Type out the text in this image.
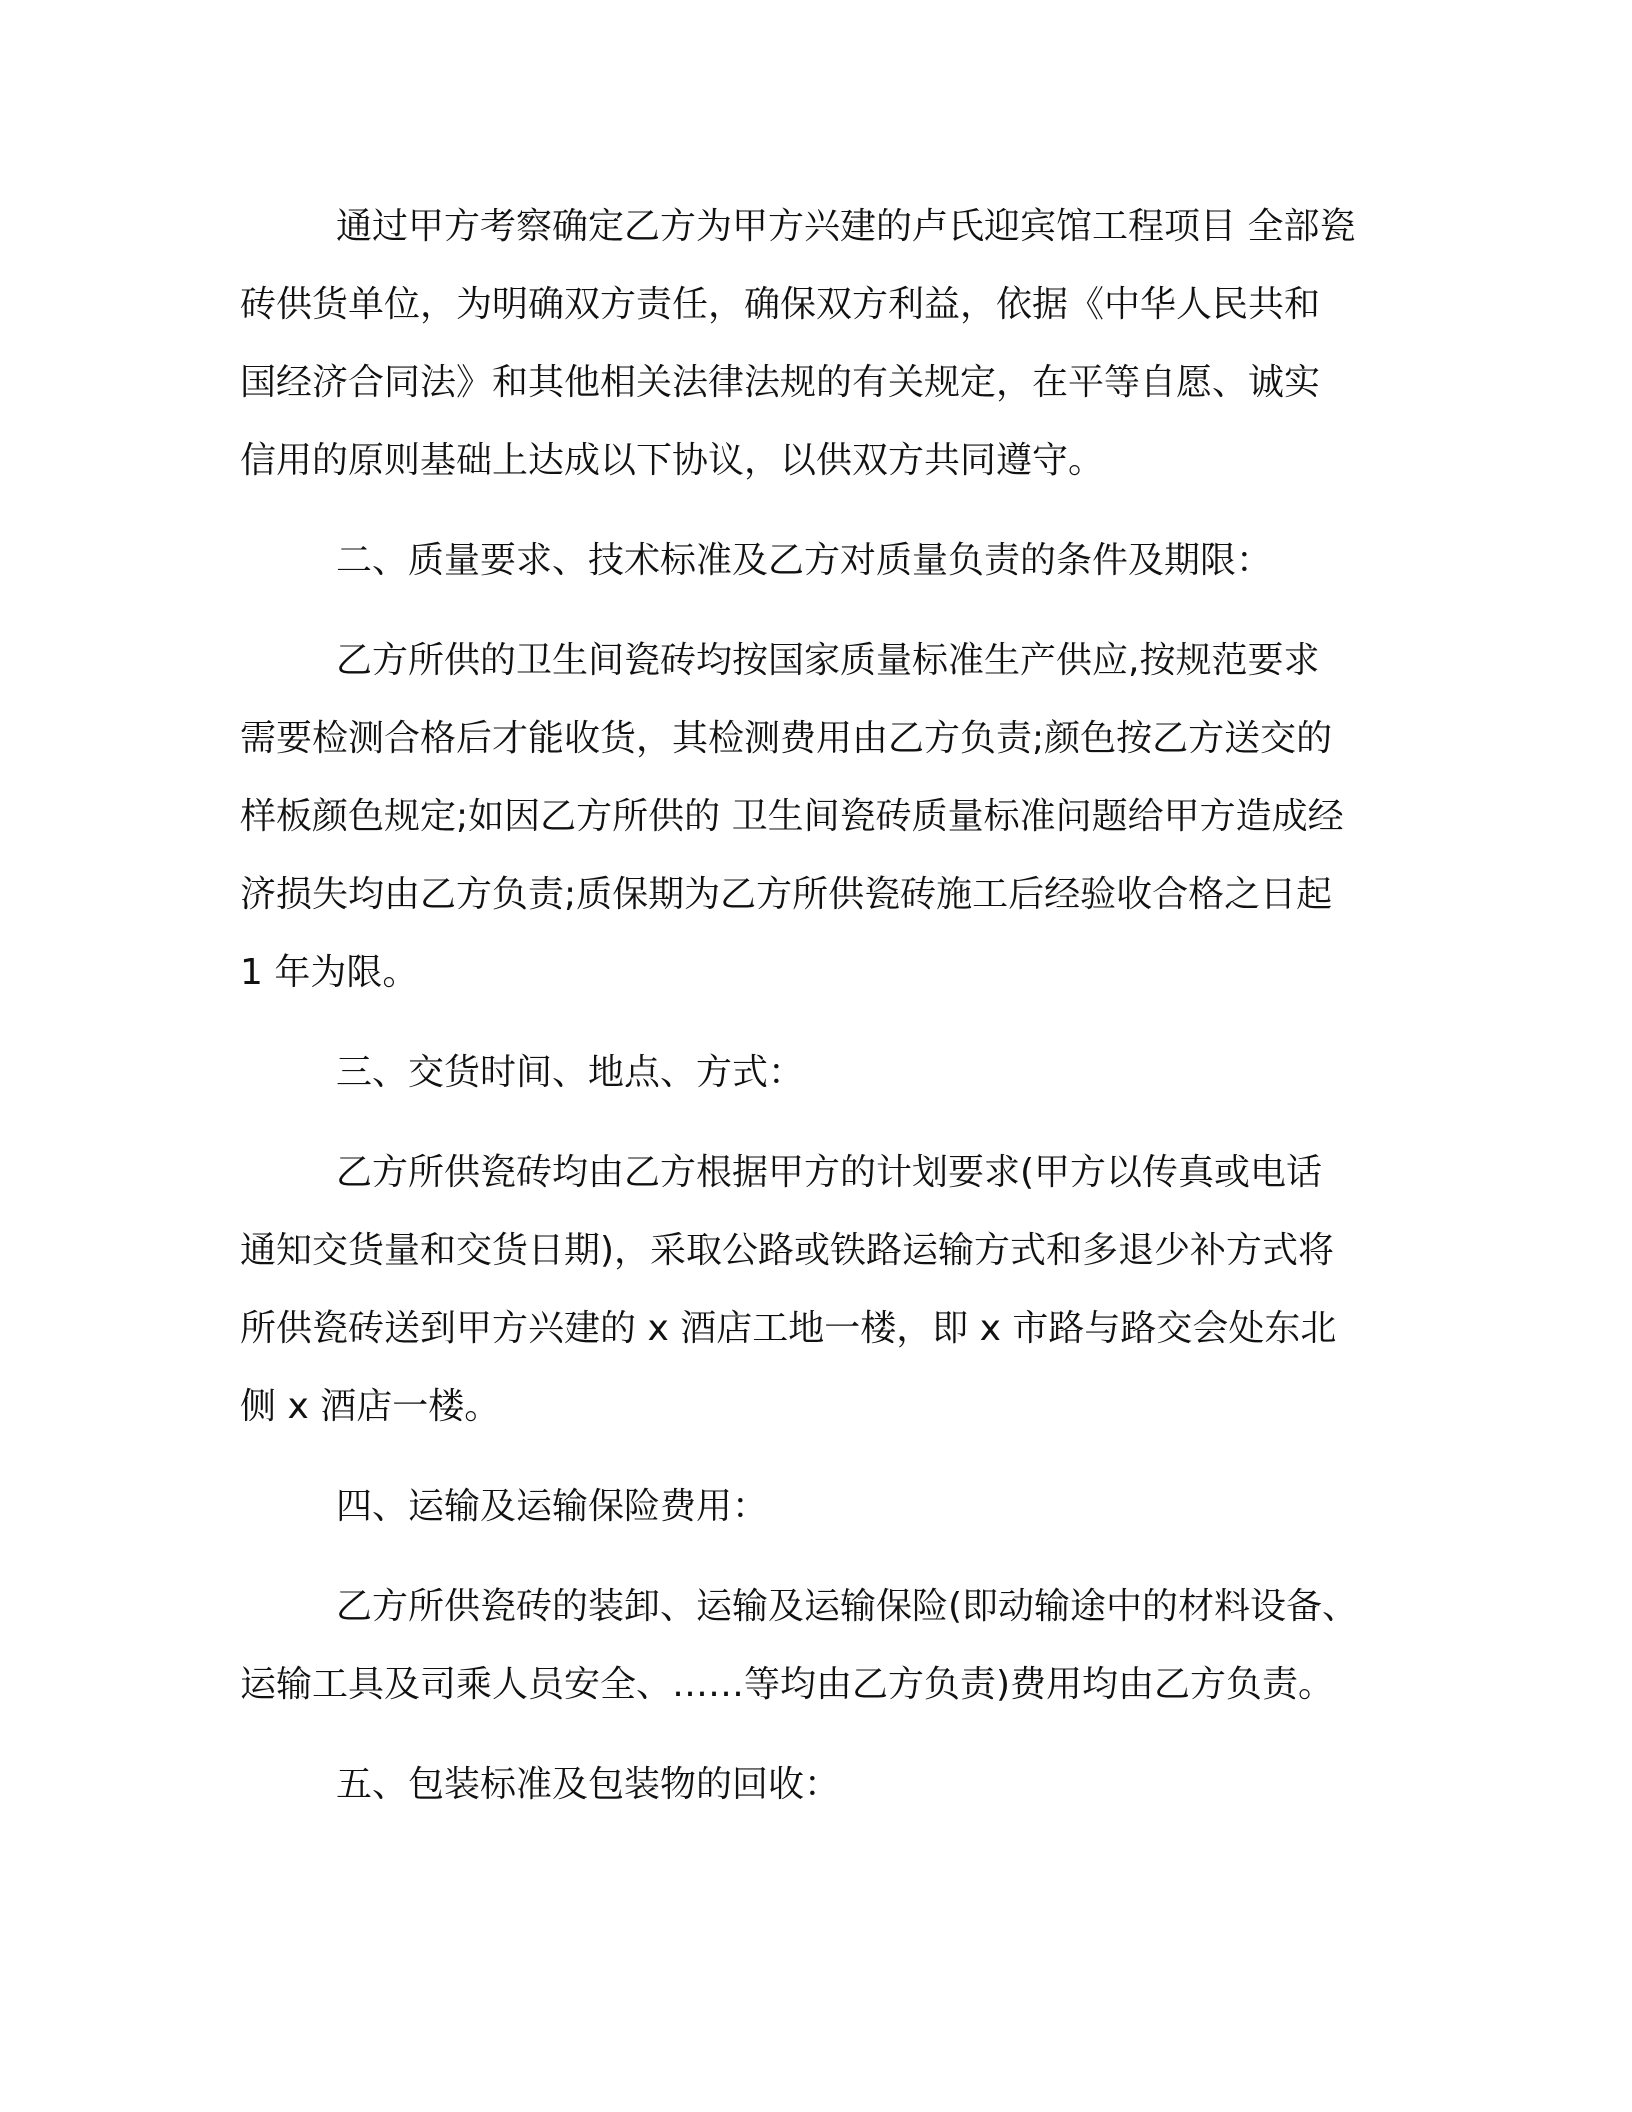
通过甲方考察确定乙方为甲方兴建的卢氏迎宾馆工程项目 全部瓷
砖供货单位，为明确双方责任，确保双方利益，依据《中华人民共和
国经济合同法》和其他相关法律法规的有关规定，在平等自愿、诚实
信用的原则基础上达成以下协议，以供双方共同遵守。

二、质量要求、技术标准及乙方对质量负责的条件及期限：

乙方所供的卫生间瓷砖均按国家质量标准生产供应,按规范要求
需要检测合格后才能收货，其检测费用由乙方负责;颜色按乙方送交的
样板颜色规定;如因乙方所供的 卫生间瓷砖质量标准问题给甲方造成经
济损失均由乙方负责;质保期为乙方所供瓷砖施工后经验收合格之日起
1 年为限。

三、交货时间、地点、方式：

乙方所供瓷砖均由乙方根据甲方的计划要求(甲方以传真或电话
通知交货量和交货日期)，采取公路或铁路运输方式和多退少补方式将
所供瓷砖送到甲方兴建的 x 酒店工地一楼，即 x 市路与路交会处东北
侧 x 酒店一楼。

四、运输及运输保险费用：

乙方所供瓷砖的装卸、运输及运输保险(即动输途中的材料设备、
运输工具及司乘人员安全、……等均由乙方负责)费用均由乙方负责。

五、包装标准及包装物的回收：
